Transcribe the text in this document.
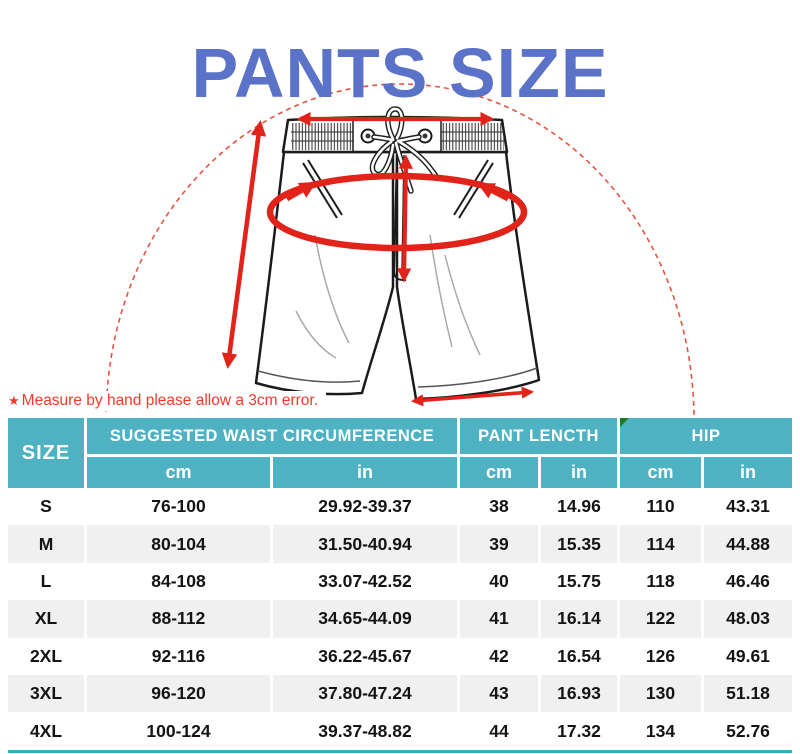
PANTS SIZE
★ Measure by hand please allow a 3cm error.
SIZE	SUGGESTED WAIST CIRCUMFERENCE		PANT LENCTH		HIP	
	cm	in	cm	in	cm	in
S	76-100	29.92-39.37	38	14.96	110	43.31
M	80-104	31.50-40.94	39	15.35	114	44.88
L	84-108	33.07-42.52	40	15.75	118	46.46
XL	88-112	34.65-44.09	41	16.14	122	48.03
2XL	92-116	36.22-45.67	42	16.54	126	49.61
3XL	96-120	37.80-47.24	43	16.93	130	51.18
4XL	100-124	39.37-48.82	44	17.32	134	52.76
